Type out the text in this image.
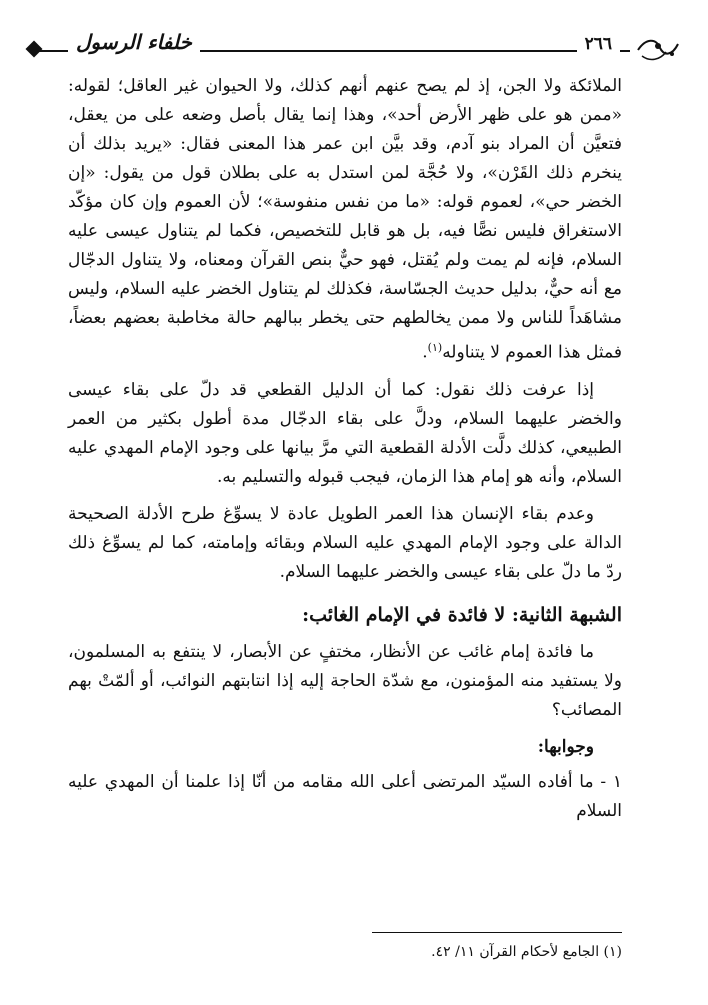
خلفاء الرسول	٢٦٦

الملائكة ولا الجن، إذ لم يصح عنهم أنهم كذلك، ولا الحيوان غير العاقل؛ لقوله: «ممن هو على ظهر الأرض أحد»، وهذا إنما يقال بأصل وضعه على من يعقل، فتعيَّن أن المراد بنو آدم، وقد بيَّن ابن عمر هذا المعنى فقال: «يريد بذلك أن ينخرم ذلك القَرْن»، ولا حُجَّة لمن استدل به على بطلان قول من يقول: «إن الخضر حي»، لعموم قوله: «ما من نفس منفوسة»؛ لأن العموم وإن كان مؤكّد الاستغراق فليس نصًّا فيه، بل هو قابل للتخصيص، فكما لم يتناول عيسى عليه السلام، فإنه لم يمت ولم يُقتل، فهو حيٌّ بنص القرآن ومعناه، ولا يتناول الدجّال مع أنه حيٌّ، بدليل حديث الجسّاسة، فكذلك لم يتناول الخضر عليه السلام، وليس مشاهَداً للناس ولا ممن يخالطهم حتى يخطر ببالهم حالة مخاطبة بعضهم بعضاً، فمثل هذا العموم لا يتناوله$^{(١)}$.

إذا عرفت ذلك نقول: كما أن الدليل القطعي قد دلّ على بقاء عيسى والخضر عليهما السلام، ودلَّ على بقاء الدجّال مدة أطول بكثير من العمر الطبيعي، كذلك دلَّت الأدلة القطعية التي مرَّ بيانها على وجود الإمام المهدي عليه السلام، وأنه هو إمام هذا الزمان، فيجب قبوله والتسليم به.

وعدم بقاء الإنسان هذا العمر الطويل عادة لا يسوِّغ طرح الأدلة الصحيحة الدالة على وجود الإمام المهدي عليه السلام وبقائه وإمامته، كما لم يسوِّغ ذلك ردّ ما دلّ على بقاء عيسى والخضر عليهما السلام.

الشبهة الثانية: لا فائدة في الإمام الغائب:

ما فائدة إمام غائب عن الأنظار، مختفٍ عن الأبصار، لا ينتفع به المسلمون، ولا يستفيد منه المؤمنون، مع شدّة الحاجة إليه إذا انتابتهم النوائب، أو ألمّتْ بهم المصائب؟

وجوابها:

١ - ما أفاده السيّد المرتضى أعلى الله مقامه من أنّا إذا علمنا أن المهدي عليه السلام

(١) الجامع لأحكام القرآن ١١/ ٤٢.
